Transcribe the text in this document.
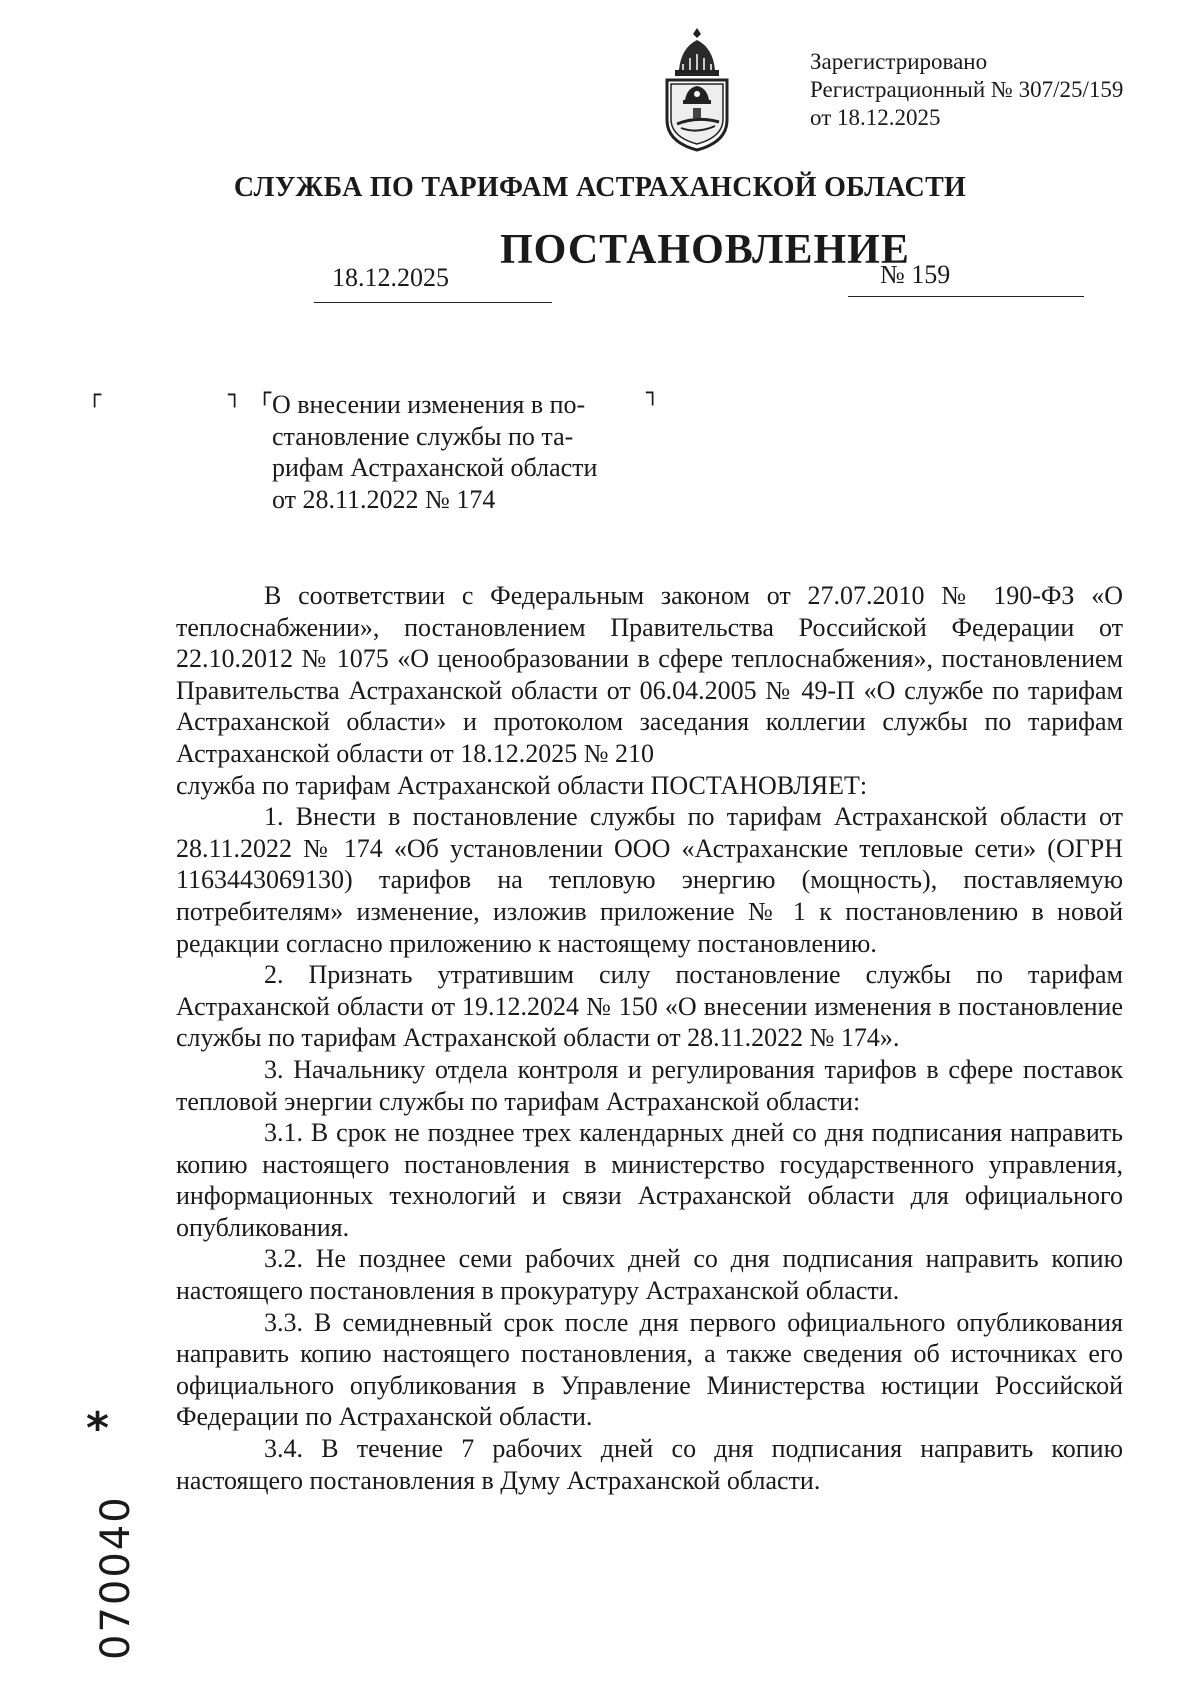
Зарегистрировано
Регистрационный № 307/25/159
от 18.12.2025
СЛУЖБА ПО ТАРИФАМ АСТРАХАНСКОЙ ОБЛАСТИ
ПОСТАНОВЛЕНИЕ
18.12.2025	№ 159
┌	┐ ┌	┐
О внесении изменения в по-
становление службы по та-
рифам Астраханской области
от 28.11.2022 № 174
В соответствии с Федеральным законом от 27.07.2010 № 190-ФЗ «О теплоснабжении», постановлением Правительства Российской Федерации от 22.10.2012 № 1075 «О ценообразовании в сфере теплоснабжения», постановлением Правительства Астраханской области от 06.04.2005 № 49-П «О службе по тарифам Астраханской области» и протоколом заседания коллегии службы по тарифам Астраханской области от 18.12.2025 № 210
служба по тарифам Астраханской области ПОСТАНОВЛЯЕТ:
1. Внести в постановление службы по тарифам Астраханской области от 28.11.2022 № 174 «Об установлении ООО «Астраханские тепловые сети» (ОГРН 1163443069130) тарифов на тепловую энергию (мощность), поставляемую потребителям» изменение, изложив приложение № 1 к постановлению в новой редакции согласно приложению к настоящему постановлению.
2. Признать утратившим силу постановление службы по тарифам Астраханской области от 19.12.2024 № 150 «О внесении изменения в постановление службы по тарифам Астраханской области от 28.11.2022 № 174».
3. Начальнику отдела контроля и регулирования тарифов в сфере поставок тепловой энергии службы по тарифам Астраханской области:
3.1. В срок не позднее трех календарных дней со дня подписания направить копию настоящего постановления в министерство государственного управления, информационных технологий и связи Астраханской области для официального опубликования.
3.2. Не позднее семи рабочих дней со дня подписания направить копию настоящего постановления в прокуратуру Астраханской области.
3.3. В семидневный срок после дня первого официального опубликования направить копию настоящего постановления, а также сведения об источниках его официального опубликования в Управление Министерства юстиции Российской Федерации по Астраханской области.
3.4. В течение 7 рабочих дней со дня подписания направить копию настоящего постановления в Думу Астраханской области.
*
070040
